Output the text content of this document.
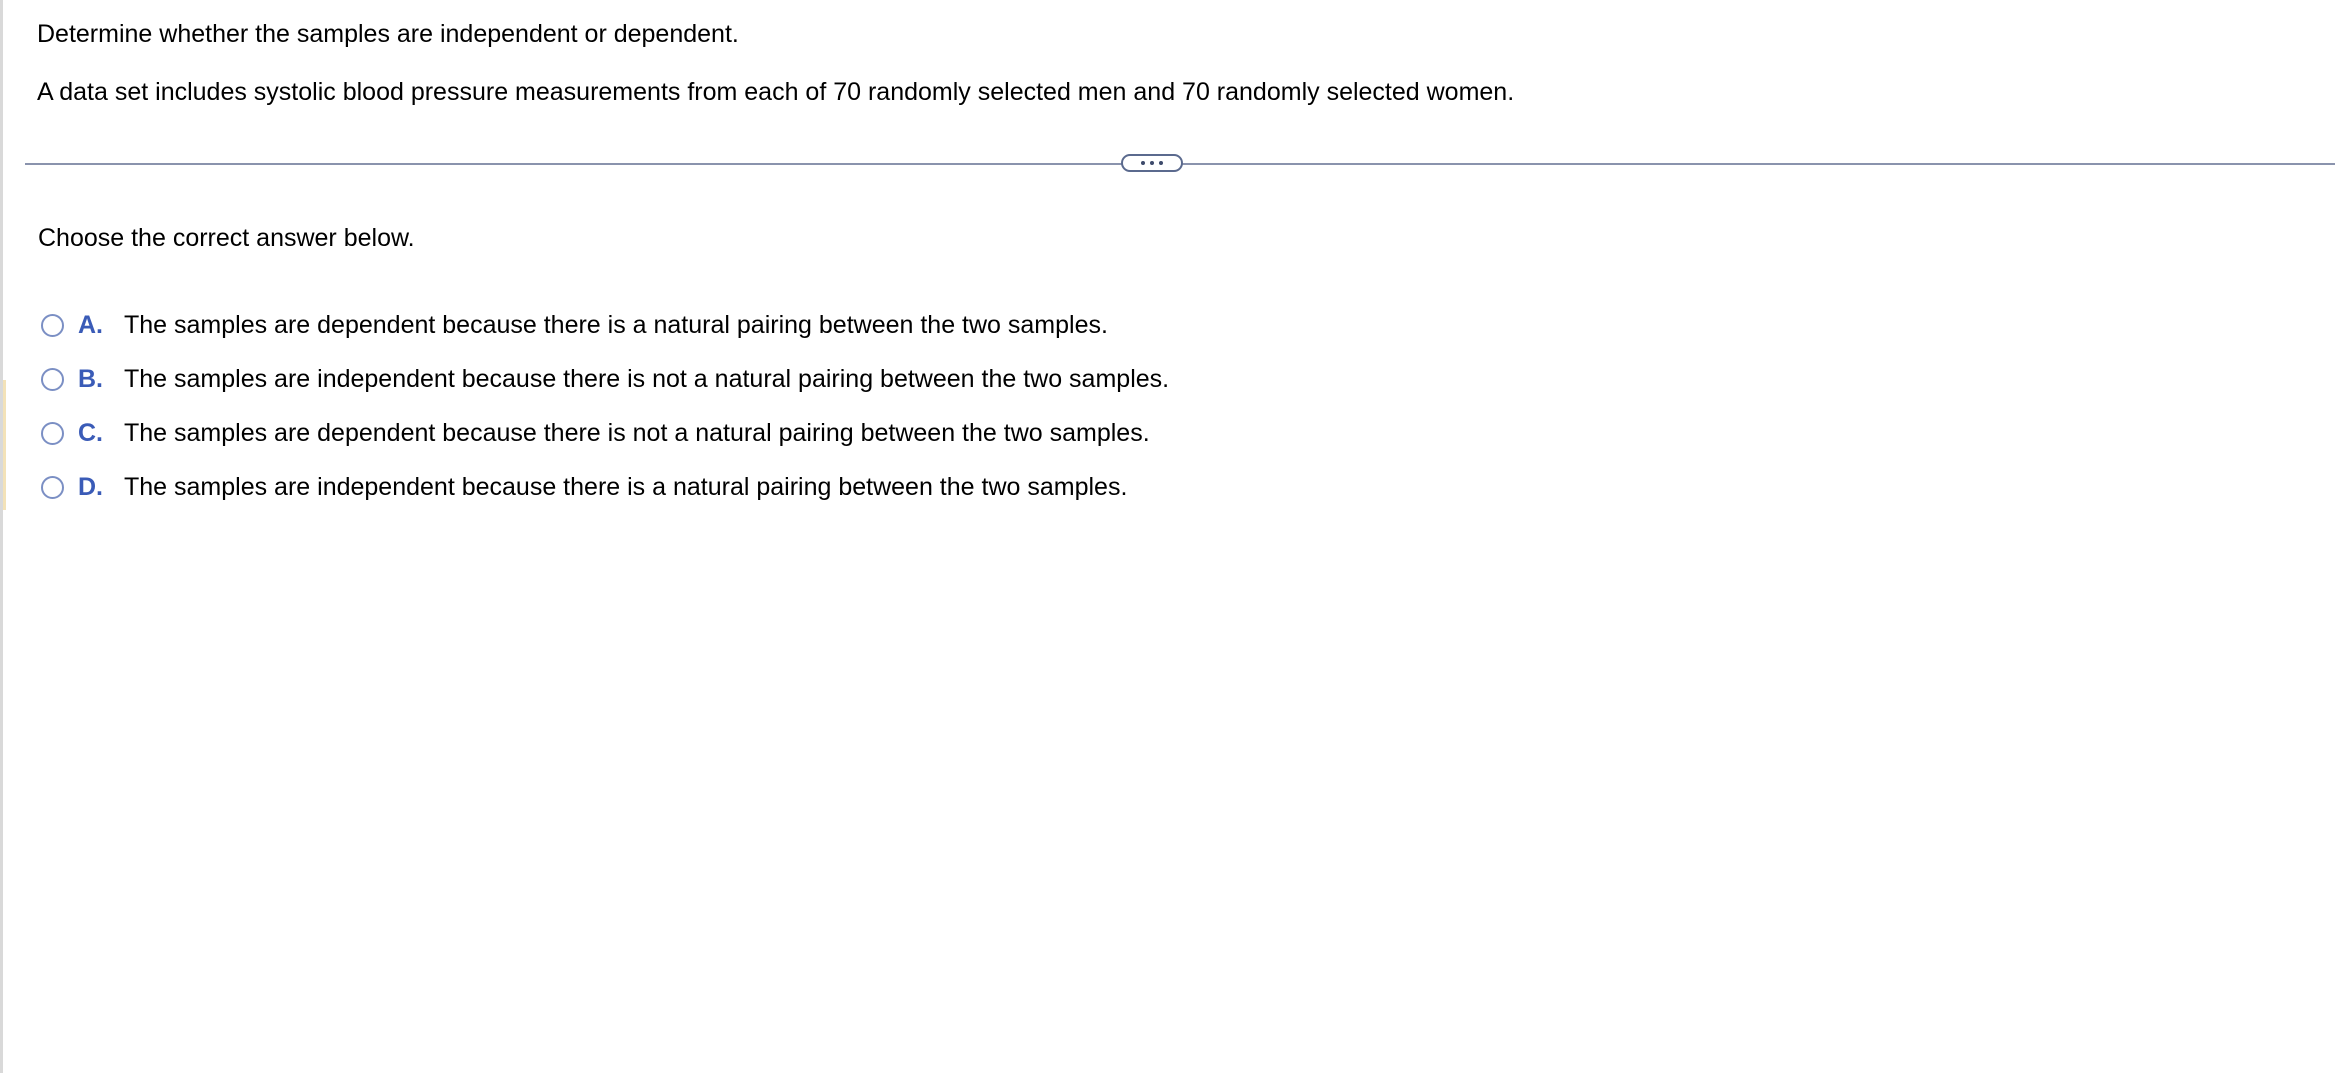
Determine whether the samples are independent or dependent.

A data set includes systolic blood pressure measurements from each of 70 randomly selected men and 70 randomly selected women.

Choose the correct answer below.

A. The samples are dependent because there is a natural pairing between the two samples.
B. The samples are independent because there is not a natural pairing between the two samples.
C. The samples are dependent because there is not a natural pairing between the two samples.
D. The samples are independent because there is a natural pairing between the two samples.
